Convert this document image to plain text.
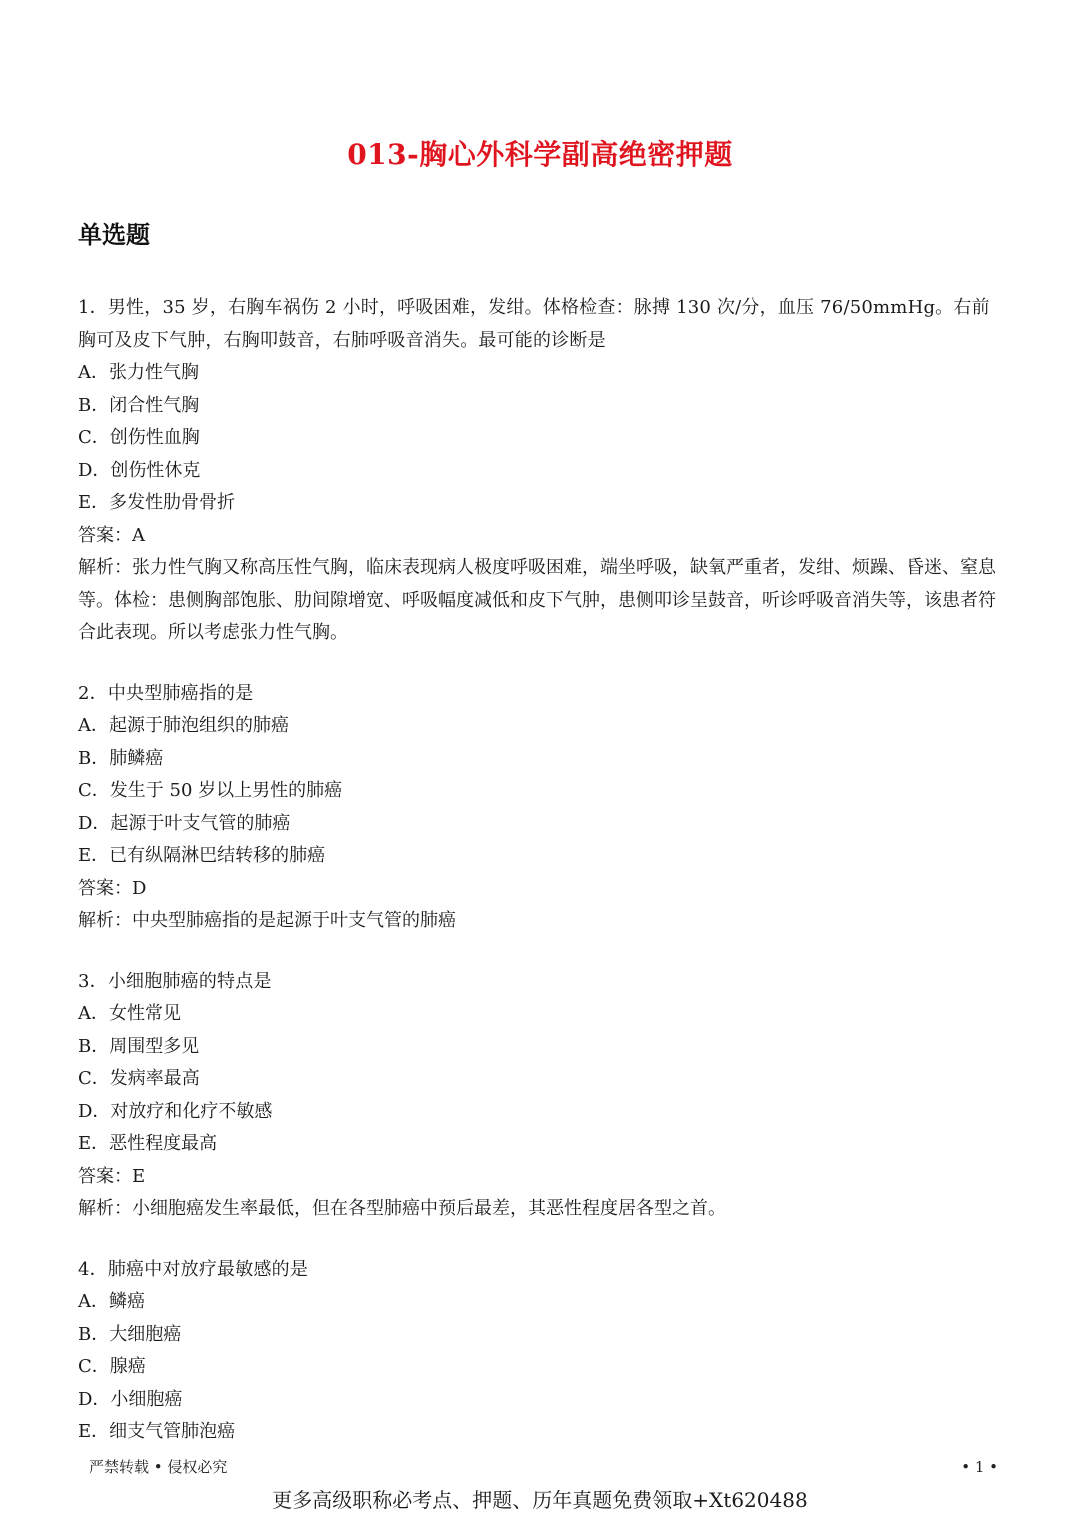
013-胸心外科学副高绝密押题
单选题

1．男性，35 岁，右胸车祸伤 2 小时，呼吸困难，发绀。体格检查：脉搏 130 次/分，血压 76/50mmHg。右前胸可及皮下气肿，右胸叩鼓音，右肺呼吸音消失。最可能的诊断是

A．张力性气胸

B．闭合性气胸

C．创伤性血胸

D．创伤性休克

E．多发性肋骨骨折

答案：A

解析：张力性气胸又称高压性气胸，临床表现病人极度呼吸困难，端坐呼吸，缺氧严重者，发绀、烦躁、昏迷、窒息等。体检：患侧胸部饱胀、肋间隙增宽、呼吸幅度减低和皮下气肿，患侧叩诊呈鼓音，听诊呼吸音消失等，该患者符合此表现。所以考虑张力性气胸。

2．中央型肺癌指的是

A．起源于肺泡组织的肺癌

B．肺鳞癌

C．发生于 50 岁以上男性的肺癌

D．起源于叶支气管的肺癌

E．已有纵隔淋巴结转移的肺癌

答案：D

解析：中央型肺癌指的是起源于叶支气管的肺癌

3．小细胞肺癌的特点是

A．女性常见

B．周围型多见

C．发病率最高

D．对放疗和化疗不敏感

E．恶性程度最高

答案：E

解析：小细胞癌发生率最低，但在各型肺癌中预后最差，其恶性程度居各型之首。

4．肺癌中对放疗最敏感的是

A．鳞癌

B．大细胞癌

C．腺癌

D．小细胞癌

E．细支气管肺泡癌

严禁转载 • 侵权必究	• 1 •
更多高级职称必考点、押题、历年真题免费领取+Xt620488
